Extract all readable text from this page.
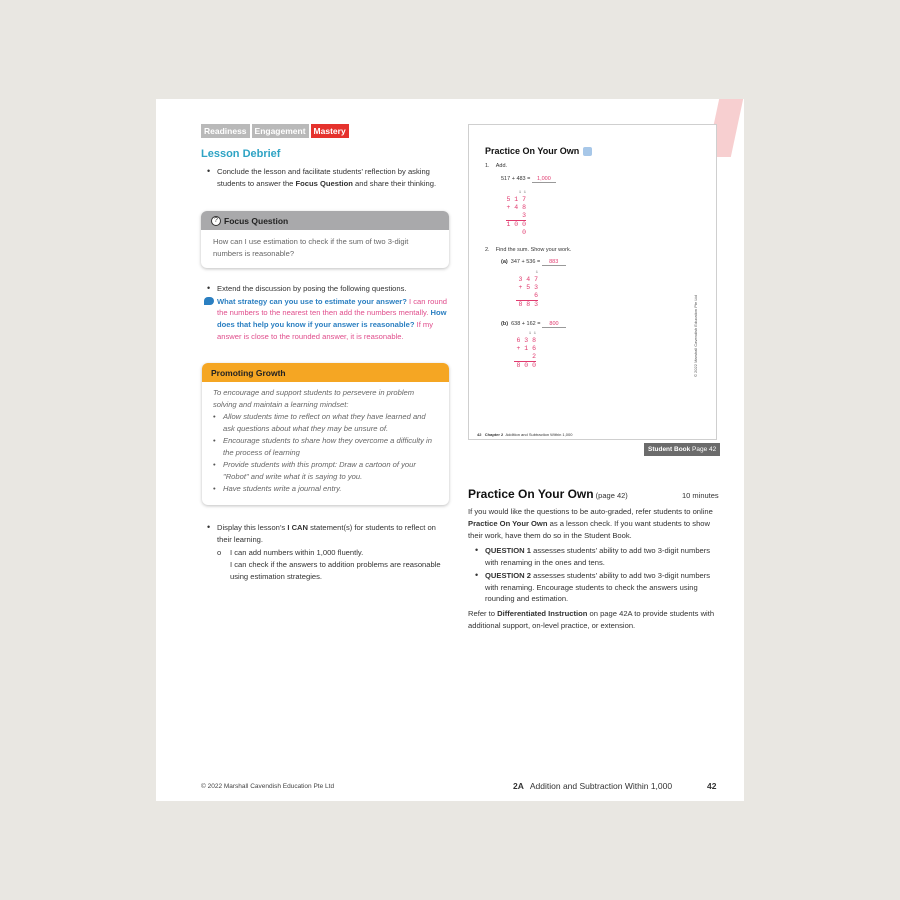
Readiness Engagement Mastery
Lesson Debrief
• Conclude the lesson and facilitate students’ reflection by asking students to answer the Focus Question and share their thinking.
? Focus Question
How can I use estimation to check if the sum of two 3-digit numbers is reasonable?
• Extend the discussion by posing the following questions.
What strategy can you use to estimate your answer? I can round the numbers to the nearest ten then add the numbers mentally. How does that help you know if your answer is reasonable? If my answer is close to the rounded answer, it is reasonable.
Promoting Growth
To encourage and support students to persevere in problem solving and maintain a learning mindset:
• Allow students time to reflect on what they have learned and ask questions about what they may be unsure of.
• Encourage students to share how they overcome a difficulty in the process of learning
• Provide students with this prompt: Draw a cartoon of your "Robot" and write what it is saying to you.
• Have students write a journal entry.
• Display this lesson’s I CAN statement(s) for students to reflect on their learning.
o I can add numbers within 1,000 fluently.
I can check if the answers to addition problems are reasonable using estimation strategies.
Practice On Your Own
1. Add.
517 + 483 = 1,000
1 1
5 1 7
+ 4 8 3
1 0 0 0
2. Find the sum. Show your work.
(a) 347 + 536 = 883
1
3 4 7
+ 5 3 6
8 8 3
(b) 638 + 162 = 800
1 1
6 3 8
+ 1 6 2
8 0 0	© 2022 Marshall Cavendish Education Pte Ltd
42 Chapter 2 Addition and Subtraction Within 1,000
Student Book Page 42
Practice On Your Own (page 42)	10 minutes
If you would like the questions to be auto-graded, refer students to online Practice On Your Own as a lesson check. If you want students to show their work, have them do so in the Student Book.
• QUESTION 1 assesses students’ ability to add two 3-digit numbers with renaming in the ones and tens.
• QUESTION 2 assesses students’ ability to add two 3-digit numbers with renaming. Encourage students to check the answers using rounding and estimation.
Refer to Differentiated Instruction on page 42A to provide students with additional support, on-level practice, or extension.
© 2022 Marshall Cavendish Education Pte Ltd	2A Addition and Subtraction Within 1,000	42
